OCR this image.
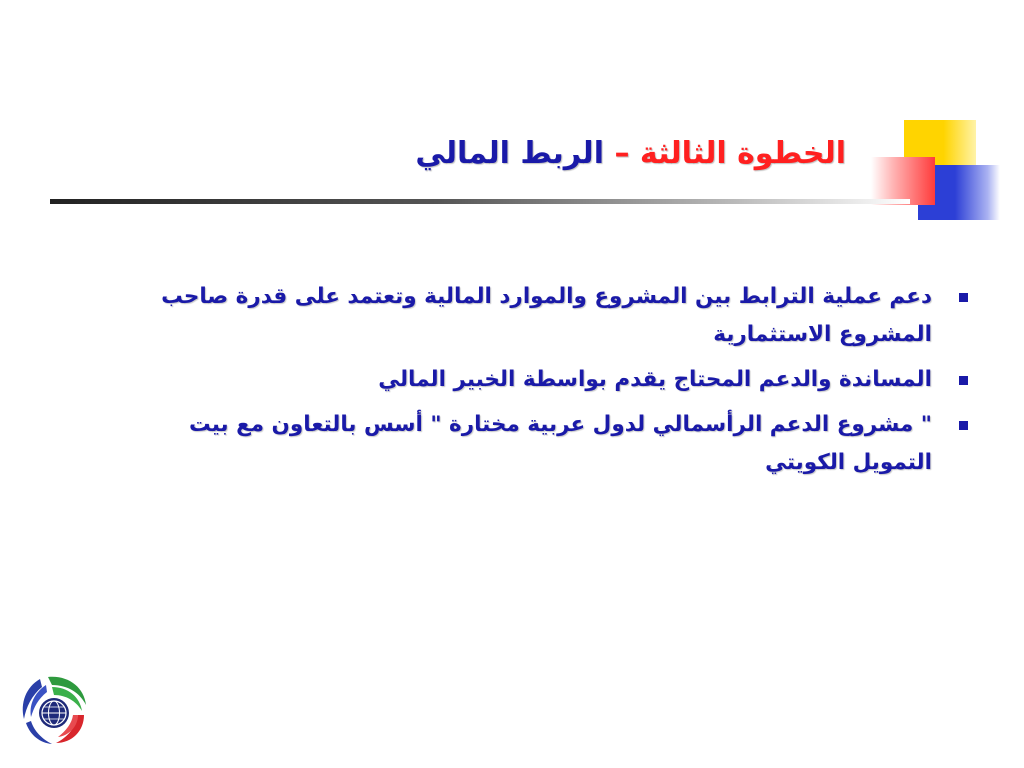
الخطوة الثالثة – الربط المالي
دعم عملية الترابط بين المشروع والموارد المالية وتعتمد على قدرة صاحب المشروع الاستثمارية
المساندة والدعم المحتاج يقدم بواسطة الخبير المالي
" مشروع الدعم الرأسمالي لدول عربية مختارة " أسس بالتعاون مع بيت التمويل الكويتي
